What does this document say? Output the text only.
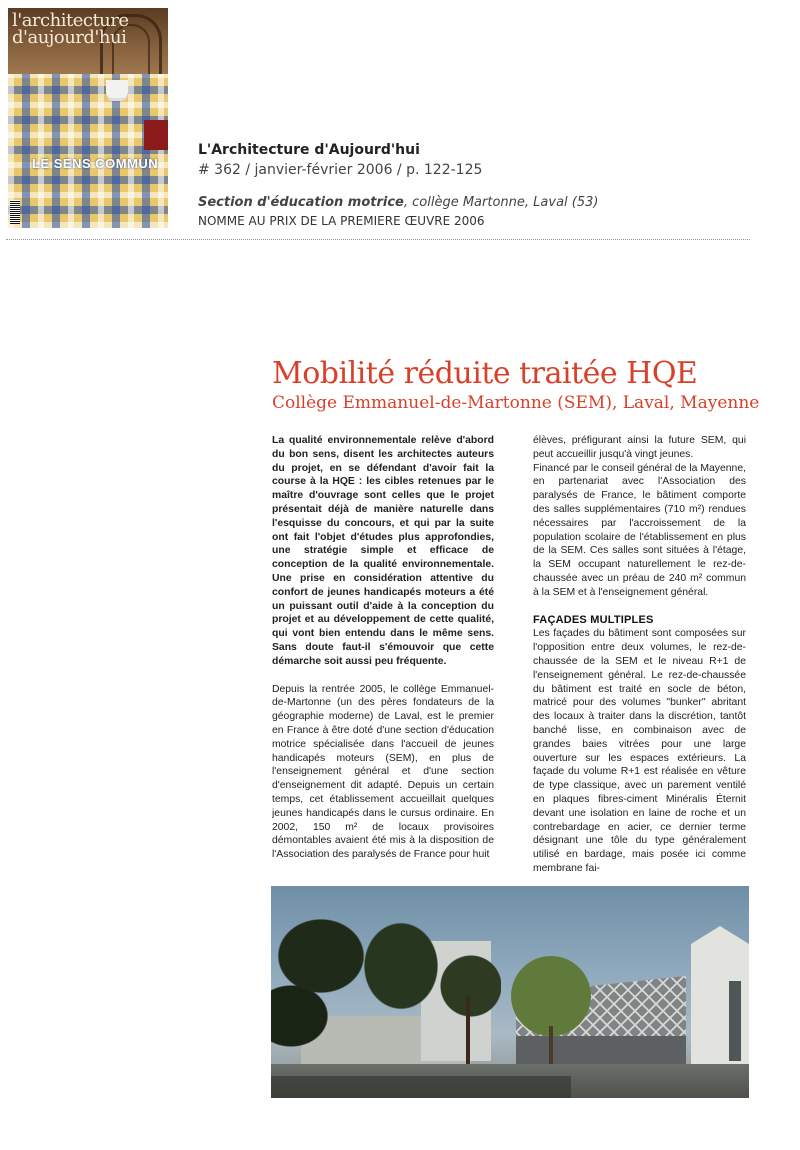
l'architecture
d'aujourd'hui
LE SENS COMMUN
L'Architecture d'Aujourd'hui
# 362 / janvier-février 2006 / p. 122-125
Section d'éducation motrice, collège Martonne, Laval (53)
NOMME AU PRIX DE LA PREMIERE ŒUVRE 2006
Mobilité réduite traitée HQE
Collège Emmanuel-de-Martonne (SEM), Laval, Mayenne

La qualité environnementale relève d'abord du bon sens, disent les architectes auteurs du projet, en se défendant d'avoir fait la course à la HQE : les cibles retenues par le maître d'ouvrage sont celles que le projet présentait déjà de manière naturelle dans l'esquisse du concours, et qui par la suite ont fait l'objet d'études plus approfondies, une stratégie simple et efficace de conception de la qualité environnementale. Une prise en considération attentive du confort de jeunes handicapés moteurs a été un puissant outil d'aide à la conception du projet et au développement de cette qualité, qui vont bien entendu dans le même sens. Sans doute faut-il s'émouvoir que cette démarche soit aussi peu fréquente.

Depuis la rentrée 2005, le collège Emmanuel-de-Martonne (un des pères fondateurs de la géographie moderne) de Laval, est le premier en France à être doté d'une section d'éducation motrice spécialisée dans l'accueil de jeunes handicapés moteurs (SEM), en plus de l'enseignement général et d'une section d'enseignement dit adapté. Depuis un certain temps, cet établissement accueillait quelques jeunes handicapés dans le cursus ordinaire. En 2002, 150 m² de locaux provisoires démontables avaient été mis à la disposition de l'Association des paralysés de France pour huit

élèves, préfigurant ainsi la future SEM, qui peut accueillir jusqu'à vingt jeunes.

Financé par le conseil général de la Mayenne, en partenariat avec l'Association des paralysés de France, le bâtiment comporte des salles supplémentaires (710 m²) rendues nécessaires par l'accroissement de la population scolaire de l'établissement en plus de la SEM. Ces salles sont situées à l'étage, la SEM occupant naturellement le rez-de-chaussée avec un préau de 240 m² commun à la SEM et à l'enseignement général.

FAÇADES MULTIPLES

Les façades du bâtiment sont composées sur l'opposition entre deux volumes, le rez-de-chaussée de la SEM et le niveau R+1 de l'enseignement général. Le rez-de-chaussée du bâtiment est traité en socle de béton, matricé pour des volumes "bunker" abritant des locaux à traiter dans la discrétion, tantôt banché lisse, en combinaison avec de grandes baies vitrées pour une large ouverture sur les espaces extérieurs. La façade du volume R+1 est réalisée en vêture de type classique, avec un parement ventilé en plaques fibres-ciment Minéralis Éternit devant une isolation en laine de roche et un contrebardage en acier, ce dernier terme désignant une tôle du type généralement utilisé en bardage, mais posée ici comme membrane fai-
